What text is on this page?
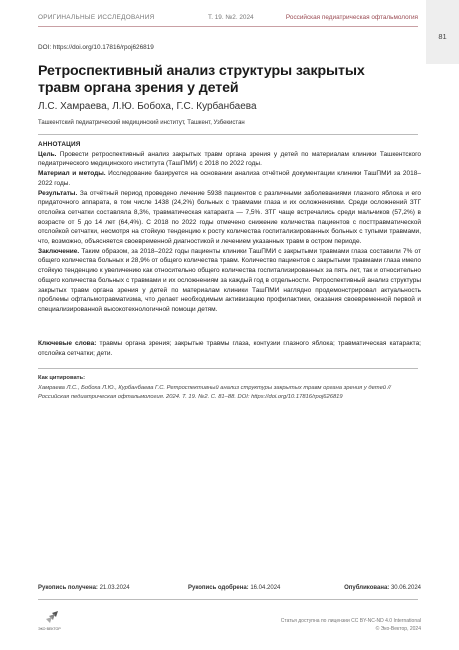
ОРИГИНАЛЬНЫЕ ИССЛЕДОВАНИЯ	Т. 19. №2. 2024	Российская педиатрическая офтальмология
81
DOI: https://doi.org/10.17816/rpoj626819
Ретроспективный анализ структуры закрытых травм органа зрения у детей
Л.С. Хамраева, Л.Ю. Бобоха, Г.С. Курбанбаева
Ташкентский педиатрический медицинский институт, Ташкент, Узбекистан
АННОТАЦИЯ

Цель. Провести ретроспективный анализ закрытых травм органа зрения у детей по материалам клиники Ташкентского педиатрического медицинского института (ТашПМИ) с 2018 по 2022 годы.

Материал и методы. Исследование базируется на основании анализа отчётной документации клиники ТашПМИ за 2018–2022 годы.

Результаты. За отчётный период проведено лечение 5938 пациентов с различными заболеваниями глазного яблока и его придаточного аппарата, в том числе 1438 (24,2%) больных с травмами глаза и их осложнениями. Среди осложнений ЗТГ отслойка сетчатки составляла 8,3%, травматическая катаракта — 7,5%. ЗТГ чаще встречались среди мальчиков (57,2%) в возрасте от 5 до 14 лет (64,4%). С 2018 по 2022 годы отмечено снижение количества пациентов с посттравматической отслойкой сетчатки, несмотря на стойкую тенденцию к росту количества госпитализированных больных с тупыми травмами, что, возможно, объясняется своевременной диагностикой и лечением указанных травм в остром периоде.

Заключение. Таким образом, за 2018–2022 годы пациенты клиники ТашПМИ с закрытыми травмами глаза составили 7% от общего количества больных и 28,9% от общего количества травм. Количество пациентов с закрытыми травмами глаза имело стойкую тенденцию к увеличению как относительно общего количества госпитализированных за пять лет, так и относительно общего количества больных с травмами и их осложнениям за каждый год в отдельности. Ретроспективный анализ структуры закрытых травм органа зрения у детей по материалам клиники ТашПМИ наглядно продемонстрировал актуальность проблемы офтальмотравматизма, что делает необходимым активизацию профилактики, оказания своевременной первой и специализированной высокотехнологичной помощи детям.

Ключевые слова: травмы органа зрения; закрытые травмы глаза, контузии глазного яблока; травматическая катаракта; отслойка сетчатки; дети.
Как цитировать:
Хамраева Л.С., Бобоха Л.Ю., Курбанбаева Г.С. Ретроспективный анализ структуры закрытых травм органа зрения у детей // Российская педиатрическая офтальмология. 2024. Т. 19. №2. С. 81–88. DOI: https://doi.org/10.17816/rpoj626819
Рукопись получена: 21.03.2024	Рукопись одобрена: 16.04.2024	Опубликована: 30.06.2024
ЭКО·ВЕКТОР
Статья доступна по лицензии CC BY-NC-ND 4.0 International
© Эко-Вектор, 2024
